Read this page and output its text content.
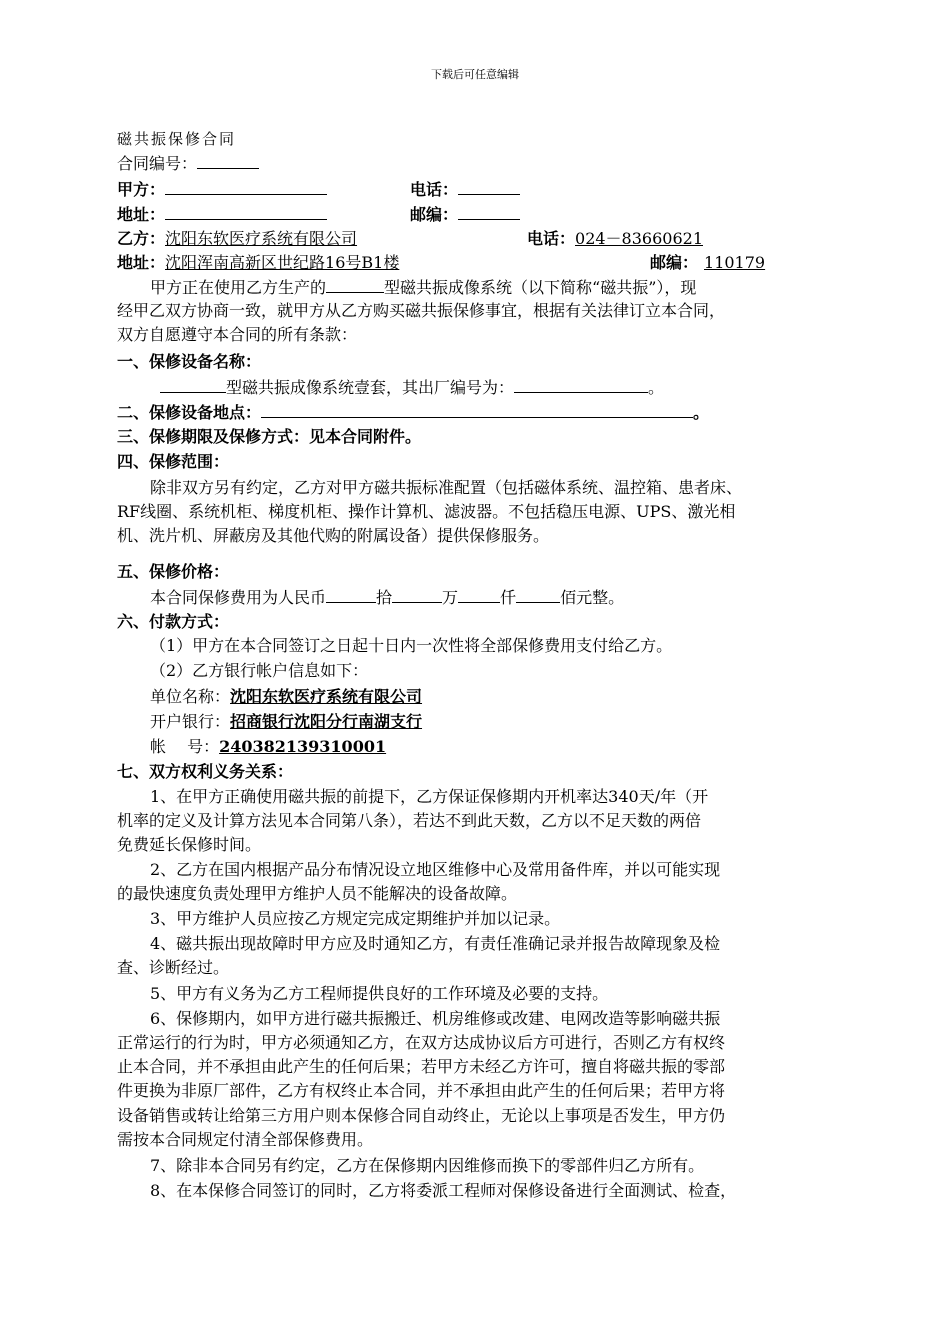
下载后可任意编辑
磁共振保修合同
合同编号：
甲方：	电话：
地址：	邮编：
乙方：沈阳东软医疗系统有限公司	电话：024－83660621
地址：沈阳浑南高新区世纪路16号B1楼	邮编： 110179
甲方正在使用乙方生产的	型磁共振成像系统（以下简称“磁共振”），现
经甲乙双方协商一致，就甲方从乙方购买磁共振保修事宜，根据有关法律订立本合同，
双方自愿遵守本合同的所有条款：
一、保修设备名称：
型磁共振成像系统壹套，其出厂编号为：	。
二、保修设备地点：	。
三、保修期限及保修方式：见本合同附件。
四、保修范围：
除非双方另有约定，乙方对甲方磁共振标准配置（包括磁体系统、温控箱、患者床、
RF线圈、系统机柜、梯度机柜、操作计算机、滤波器。不包括稳压电源、UPS、激光相
机、洗片机、屏蔽房及其他代购的附属设备）提供保修服务。
五、保修价格：
本合同保修费用为人民币	拾	万	仟	佰元整。
六、付款方式：
（1）甲方在本合同签订之日起十日内一次性将全部保修费用支付给乙方。
（2）乙方银行帐户信息如下：
单位名称：沈阳东软医疗系统有限公司
开户银行：招商银行沈阳分行南湖支行
帐　 号：240382139310001
七、双方权利义务关系：
1、在甲方正确使用磁共振的前提下，乙方保证保修期内开机率达340天/年（开
机率的定义及计算方法见本合同第八条），若达不到此天数，乙方以不足天数的两倍
免费延长保修时间。
2、乙方在国内根据产品分布情况设立地区维修中心及常用备件库，并以可能实现
的最快速度负责处理甲方维护人员不能解决的设备故障。
3、甲方维护人员应按乙方规定完成定期维护并加以记录。
4、磁共振出现故障时甲方应及时通知乙方，有责任准确记录并报告故障现象及检
查、诊断经过。
5、甲方有义务为乙方工程师提供良好的工作环境及必要的支持。
6、保修期内，如甲方进行磁共振搬迁、机房维修或改建、电网改造等影响磁共振
正常运行的行为时，甲方必须通知乙方，在双方达成协议后方可进行，否则乙方有权终
止本合同，并不承担由此产生的任何后果；若甲方未经乙方许可，擅自将磁共振的零部
件更换为非原厂部件，乙方有权终止本合同，并不承担由此产生的任何后果；若甲方将
设备销售或转让给第三方用户则本保修合同自动终止，无论以上事项是否发生，甲方仍
需按本合同规定付清全部保修费用。
7、除非本合同另有约定，乙方在保修期内因维修而换下的零部件归乙方所有。
8、在本保修合同签订的同时，乙方将委派工程师对保修设备进行全面测试、检查，
